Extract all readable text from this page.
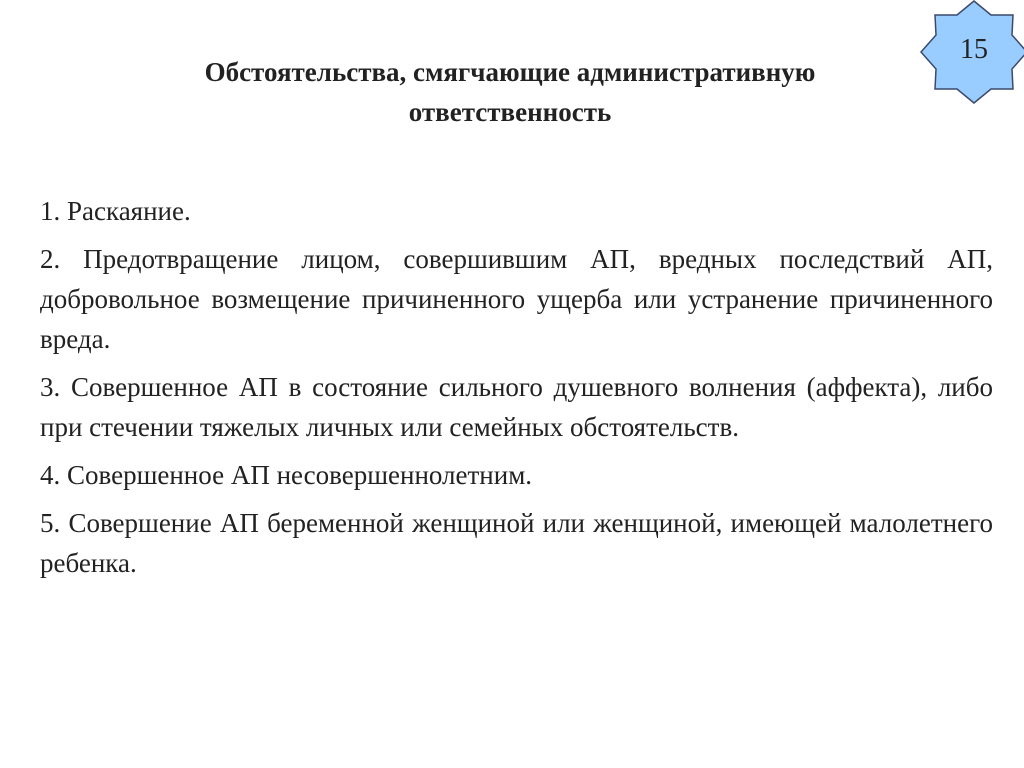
Обстоятельства, смягчающие административную ответственность
15

1. Раскаяние.

2. Предотвращение лицом, совершившим АП, вредных последствий АП, добровольное возмещение причиненного ущерба или устранение причиненного вреда.

3. Совершенное АП в состояние сильного душевного волнения (аффекта), либо при стечении тяжелых личных или семейных обстоятельств.

4. Совершенное АП несовершеннолетним.

5. Совершение АП беременной женщиной или женщиной, имеющей малолетнего ребенка.
